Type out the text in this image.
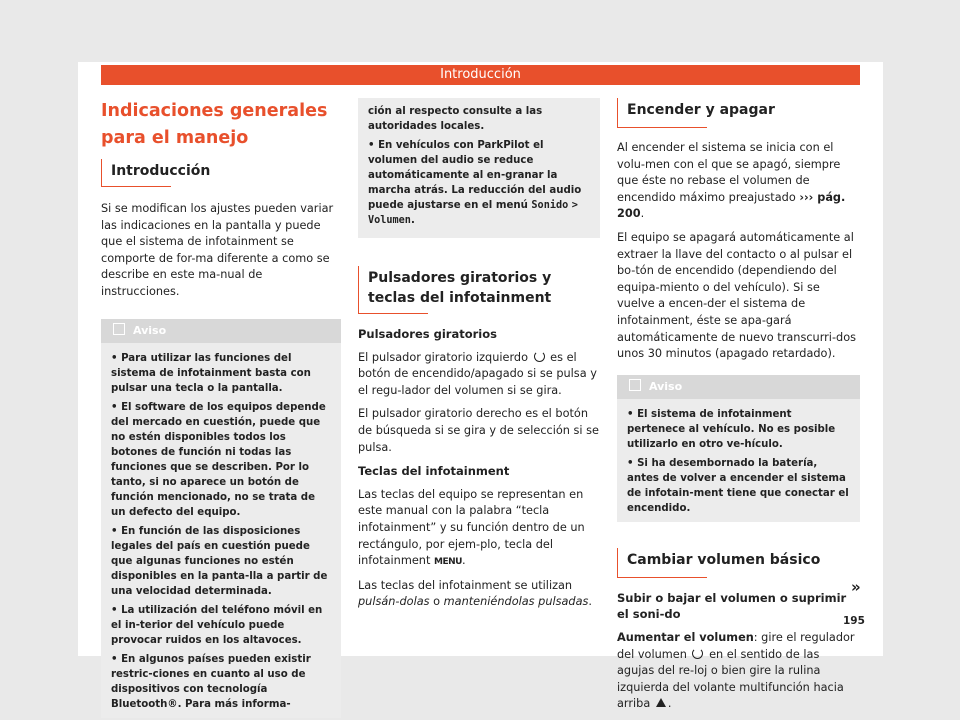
Introducción
Indicaciones generales para el manejo
Introducción

Si se modifican los ajustes pueden variar las indicaciones en la pantalla y puede que el sistema de infotainment se comporte de for-ma diferente a como se describe en este ma-nual de instrucciones.

Aviso

• Para utilizar las funciones del sistema de infotainment basta con pulsar una tecla o la pantalla.

• El software de los equipos depende del mercado en cuestión, puede que no estén disponibles todos los botones de función ni todas las funciones que se describen. Por lo tanto, si no aparece un botón de función mencionado, no se trata de un defecto del equipo.

• En función de las disposiciones legales del país en cuestión puede que algunas funciones no estén disponibles en la panta-lla a partir de una velocidad determinada.

• La utilización del teléfono móvil en el in-terior del vehículo puede provocar ruidos en los altavoces.

• En algunos países pueden existir restric-ciones en cuanto al uso de dispositivos con tecnología Bluetooth®. Para más informa-

ción al respecto consulte a las autoridades locales.

• En vehículos con ParkPilot el volumen del audio se reduce automáticamente al en-granar la marcha atrás. La reducción del audio puede ajustarse en el menú Sonido > Volumen.

Pulsadores giratorios y teclas del infotainment

Pulsadores giratorios

El pulsador giratorio izquierdo es el botón de encendido/apagado si se pulsa y el regu-lador del volumen si se gira.

El pulsador giratorio derecho es el botón de búsqueda si se gira y de selección si se pulsa.

Teclas del infotainment

Las teclas del equipo se representan en este manual con la palabra “tecla infotainment” y su función dentro de un rectángulo, por ejem-plo, tecla del infotainment MENU.

Las teclas del infotainment se utilizan pulsán-dolas o manteniéndolas pulsadas.

Encender y apagar

Al encender el sistema se inicia con el volu-men con el que se apagó, siempre que éste no rebase el volumen de encendido máximo preajustado ››› pág. 200.

El equipo se apagará automáticamente al extraer la llave del contacto o al pulsar el bo-tón de encendido (dependiendo del equipa-miento o del vehículo). Si se vuelve a encen-der el sistema de infotainment, éste se apa-gará automáticamente de nuevo transcurri-dos unos 30 minutos (apagado retardado).

Aviso

• El sistema de infotainment pertenece al vehículo. No es posible utilizarlo en otro ve-hículo.

• Si ha desembornado la batería, antes de volver a encender el sistema de infotain-ment tiene que conectar el encendido.

Cambiar volumen básico

Subir o bajar el volumen o suprimir el soni-do

Aumentar el volumen: gire el regulador del volumen en el sentido de las agujas del re-loj o bien gire la rulina izquierda del volante multifunción hacia arriba .

»
195
